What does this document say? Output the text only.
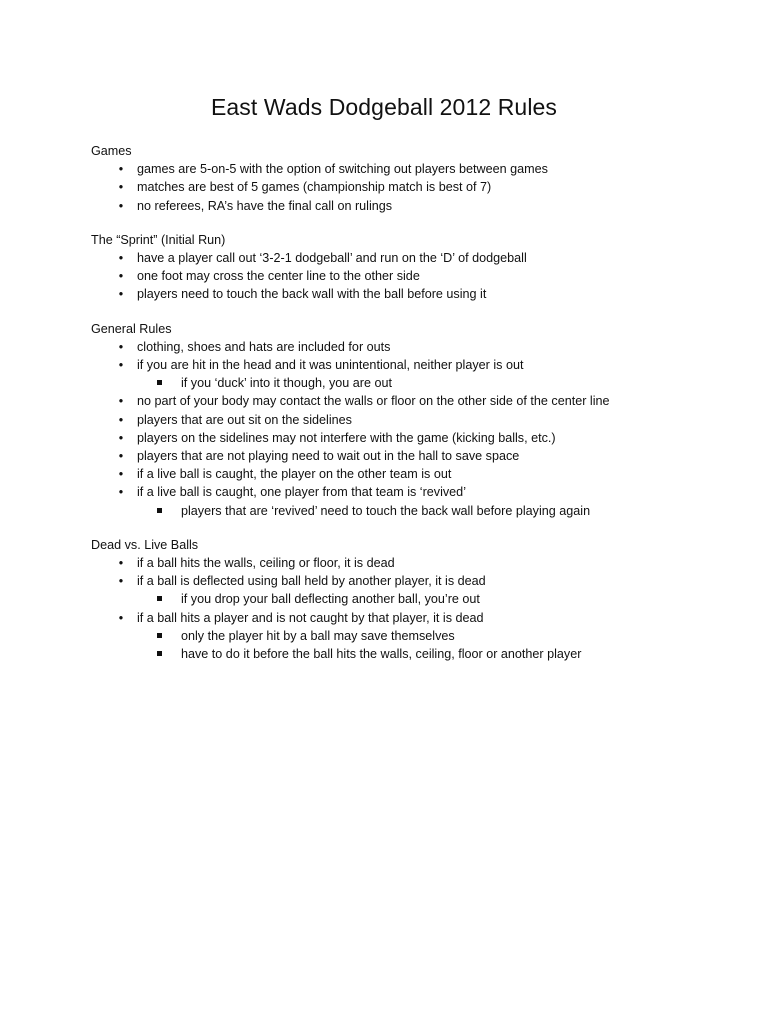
East Wads Dodgeball 2012 Rules
Games
•	games are 5-on-5 with the option of switching out players between games
•	matches are best of 5 games (championship match is best of 7)
•	no referees, RA’s have the final call on rulings
The “Sprint” (Initial Run)
•	have a player call out ‘3-2-1 dodgeball’ and run on the ‘D’ of dodgeball
•	one foot may cross the center line to the other side
•	players need to touch the back wall with the ball before using it
General Rules
•	clothing, shoes and hats are included for outs
•	if you are hit in the head and it was unintentional, neither player is out
if you ‘duck’ into it though, you are out
•	no part of your body may contact the walls or floor on the other side of the center line
•	players that are out sit on the sidelines
•	players on the sidelines may not interfere with the game (kicking balls, etc.)
•	players that are not playing need to wait out in the hall to save space
•	if a live ball is caught, the player on the other team is out
•	if a live ball is caught, one player from that team is ‘revived’
players that are ‘revived’ need to touch the back wall before playing again
Dead vs. Live Balls
•	if a ball hits the walls, ceiling or floor, it is dead
•	if a ball is deflected using ball held by another player, it is dead
if you drop your ball deflecting another ball, you’re out
•	if a ball hits a player and is not caught by that player, it is dead
only the player hit by a ball may save themselves
have to do it before the ball hits the walls, ceiling, floor or another player
